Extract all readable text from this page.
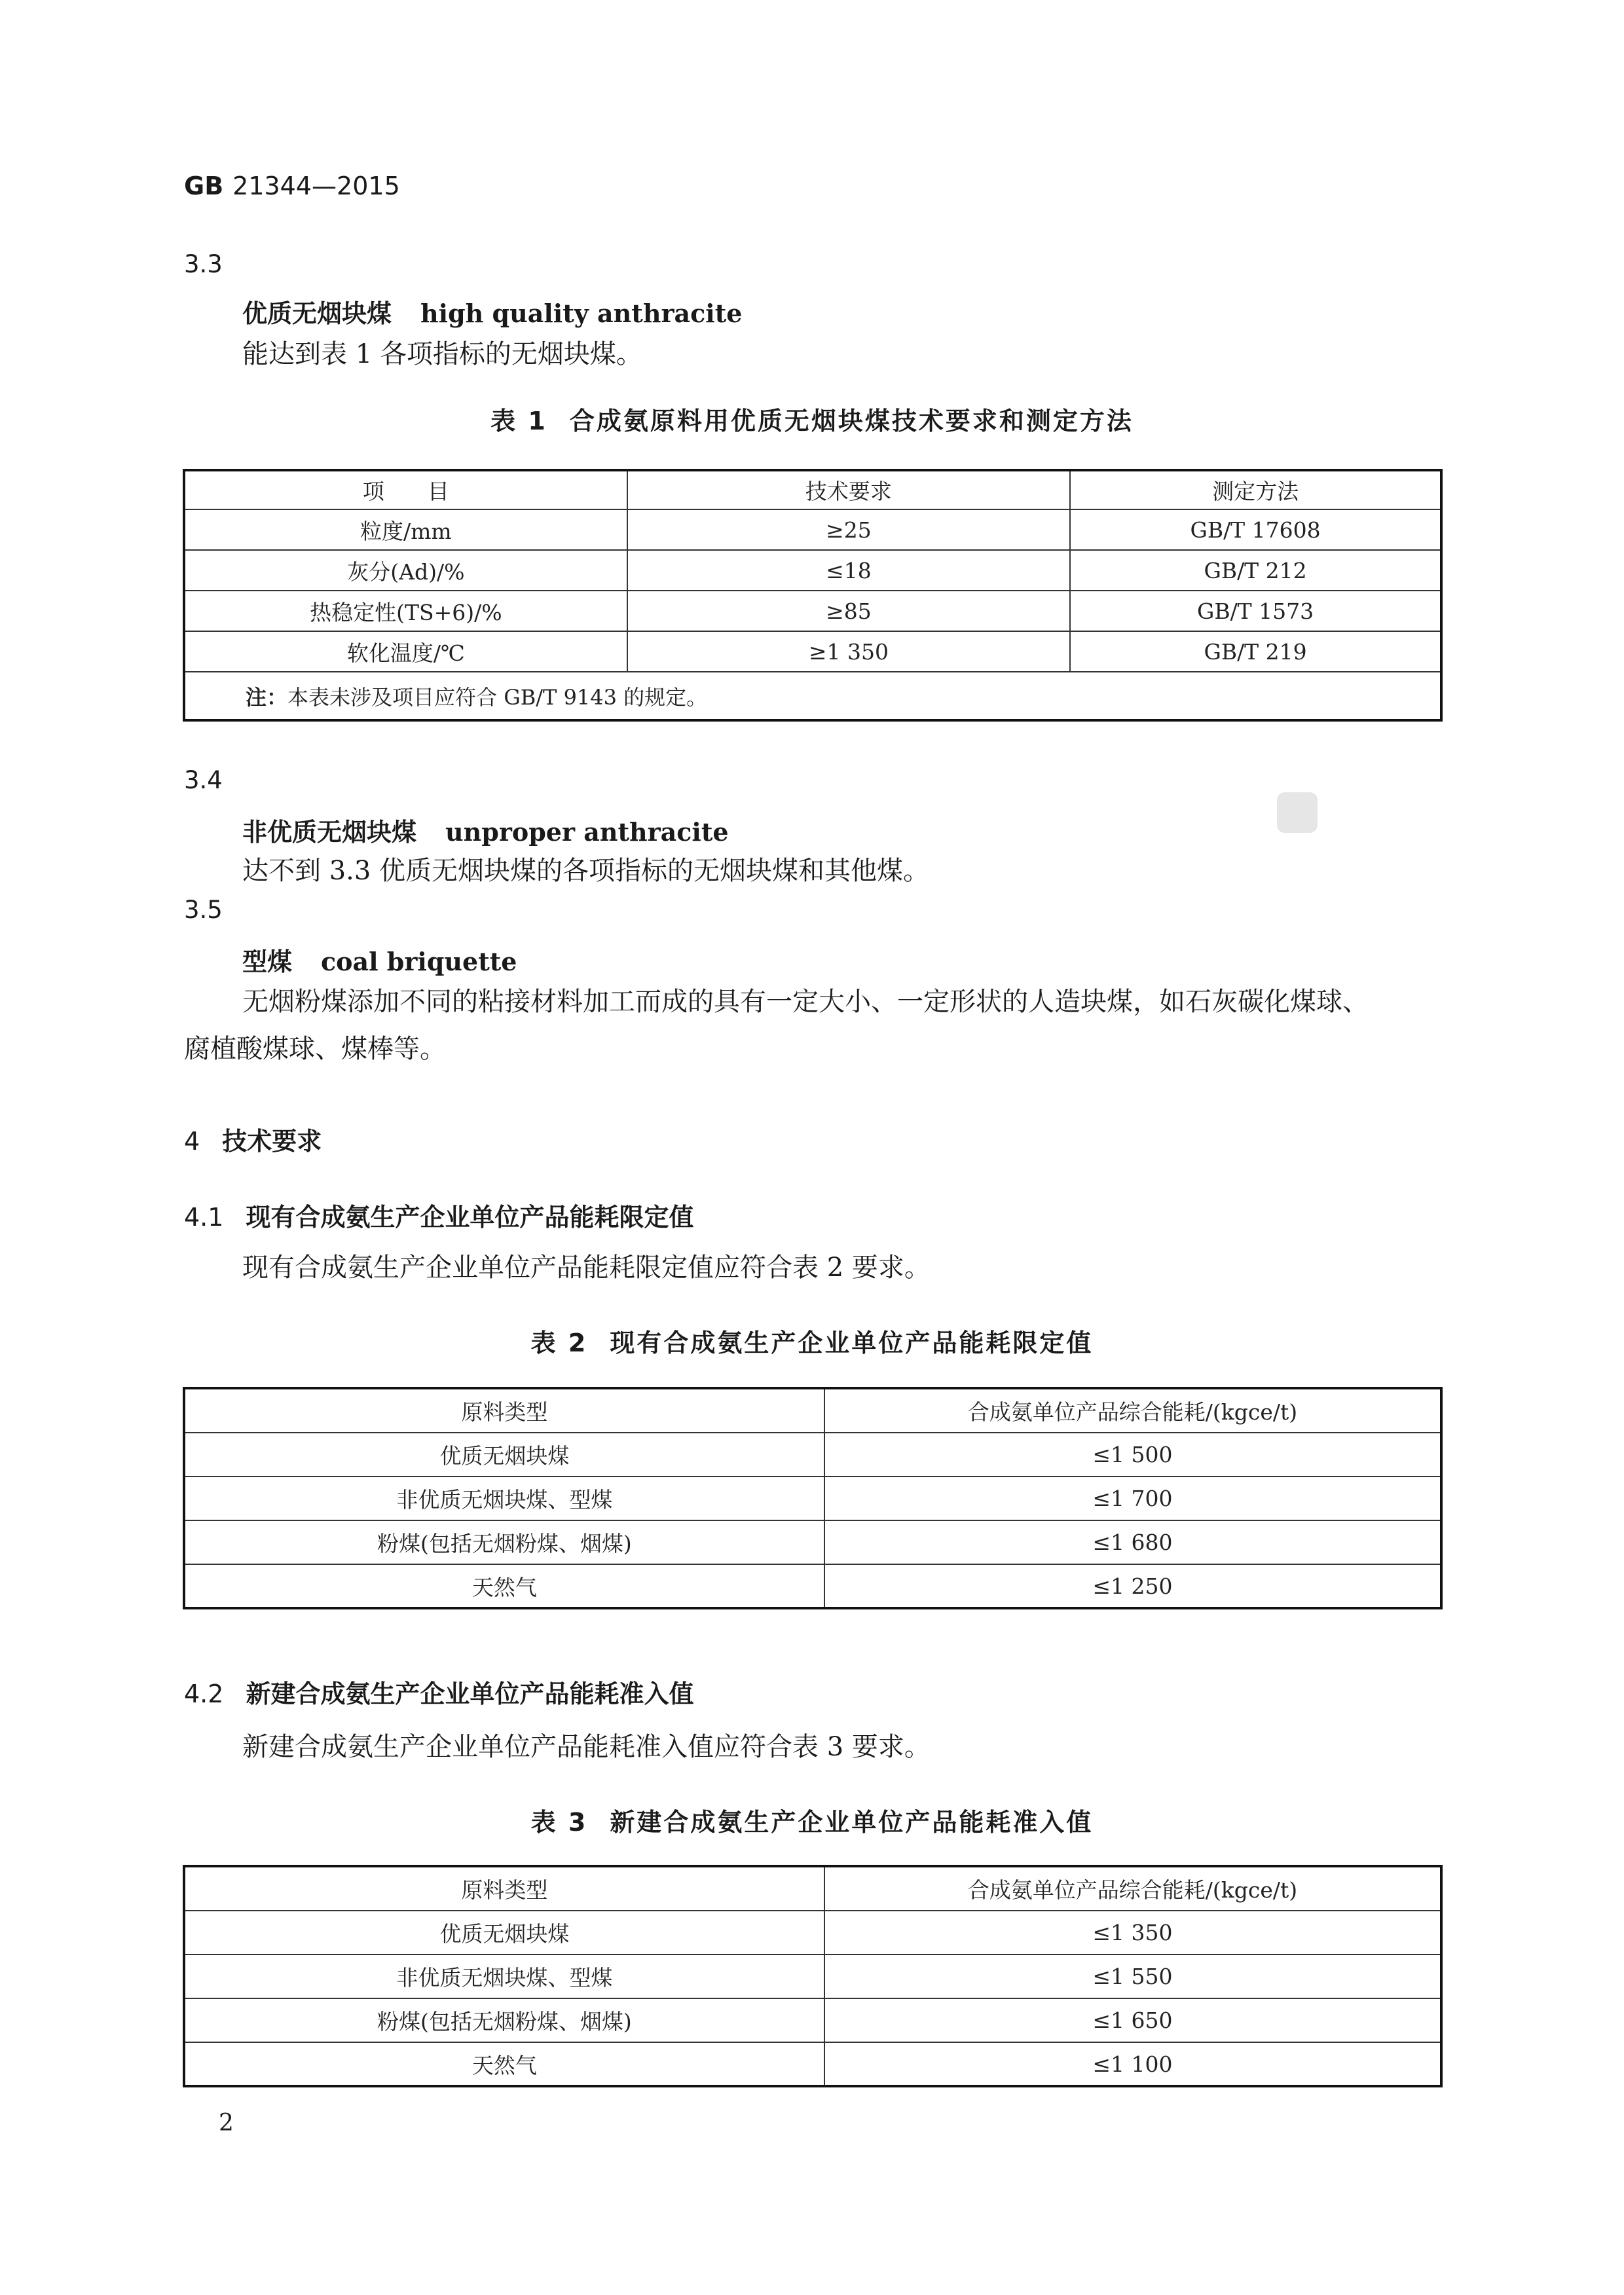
GB 21344—2015
3.3
优质无烟块煤 high quality anthracite
能达到表 1 各项指标的无烟块煤。
表 1 合成氨原料用优质无烟块煤技术要求和测定方法
项　　目	技术要求	测定方法
粒度/mm	≥25	GB/T 17608
灰分(Ad)/%	≤18	GB/T 212
热稳定性(TS+6)/%	≥85	GB/T 1573
软化温度/℃	≥1 350	GB/T 219
注：本表未涉及项目应符合 GB/T 9143 的规定。		
3.4
非优质无烟块煤 unproper anthracite
达不到 3.3 优质无烟块煤的各项指标的无烟块煤和其他煤。
3.5
型煤 coal briquette
无烟粉煤添加不同的粘接材料加工而成的具有一定大小、一定形状的人造块煤，如石灰碳化煤球、
腐植酸煤球、煤棒等。
4 技术要求
4.1 现有合成氨生产企业单位产品能耗限定值
现有合成氨生产企业单位产品能耗限定值应符合表 2 要求。
表 2 现有合成氨生产企业单位产品能耗限定值
原料类型	合成氨单位产品综合能耗/(kgce/t)
优质无烟块煤	≤1 500
非优质无烟块煤、型煤	≤1 700
粉煤(包括无烟粉煤、烟煤)	≤1 680
天然气	≤1 250
4.2 新建合成氨生产企业单位产品能耗准入值
新建合成氨生产企业单位产品能耗准入值应符合表 3 要求。
表 3 新建合成氨生产企业单位产品能耗准入值
原料类型	合成氨单位产品综合能耗/(kgce/t)
优质无烟块煤	≤1 350
非优质无烟块煤、型煤	≤1 550
粉煤(包括无烟粉煤、烟煤)	≤1 650
天然气	≤1 100
2
